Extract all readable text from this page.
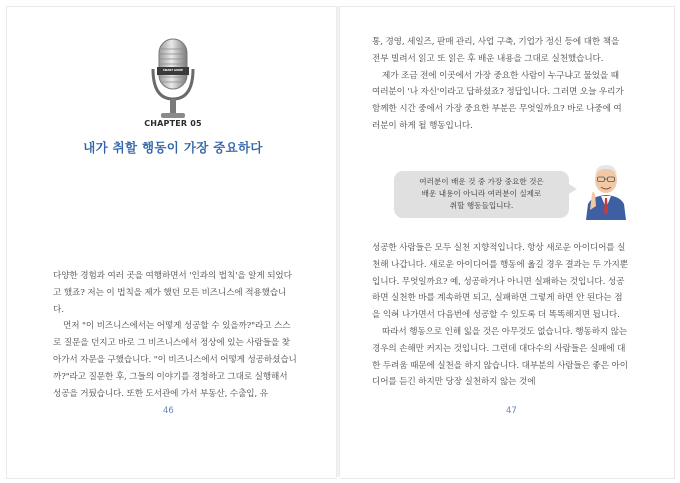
SMART GUIDE
CHAPTER 05
내가 취할 행동이 가장 중요하다

다양한 경험과 여러 곳을 여행하면서 '인과의 법칙'을 알게 되었다고 했죠? 저는 이 법칙을 제가 했던 모든 비즈니스에 적용했습니다.

먼저 "이 비즈니스에서는 어떻게 성공할 수 있을까?"라고 스스로 질문을 던지고 바로 그 비즈니스에서 정상에 있는 사람들을 찾아가서 자문을 구했습니다. "이 비즈니스에서 어떻게 성공하셨습니까?"라고 질문한 후, 그들의 이야기를 경청하고 그대로 실행해서 성공을 거뒀습니다. 또한 도서관에 가서 부동산, 수출입, 유

46

통, 경영, 세일즈, 판매 관리, 사업 구축, 기업가 정신 등에 대한 책을 전부 빌려서 읽고 또 읽은 후 배운 내용을 그대로 실천했습니다.

제가 조금 전에 이곳에서 가장 중요한 사람이 누구냐고 물었을 때 여러분이 '나 자신'이라고 답하셨죠? 정답입니다. 그러면 오늘 우리가 함께한 시간 중에서 가장 중요한 부분은 무엇일까요? 바로 나중에 여러분이 하게 될 행동입니다.

여러분이 배운 것 중 가장 중요한 것은
배운 내용이 아니라 여러분이 실제로
취할 행동들입니다.

성공한 사람들은 모두 실천 지향적입니다. 항상 새로운 아이디어를 실천해 나갑니다. 새로운 아이디어를 행동에 옮길 경우 결과는 두 가지뿐입니다. 무엇일까요? 예, 성공하거나 아니면 실패하는 것입니다. 성공하면 실천한 바를 계속하면 되고, 실패하면 그렇게 하면 안 된다는 점을 익혀 나가면서 다음번에 성공할 수 있도록 더 똑똑해지면 됩니다.

따라서 행동으로 인해 잃을 것은 아무것도 없습니다. 행동하지 않는 경우의 손해만 커지는 것입니다. 그런데 대다수의 사람들은 실패에 대한 두려움 때문에 실천을 하지 않습니다. 대부분의 사람들은 좋은 아이디어를 듣긴 하지만 당장 실천하지 않는 것에

47
